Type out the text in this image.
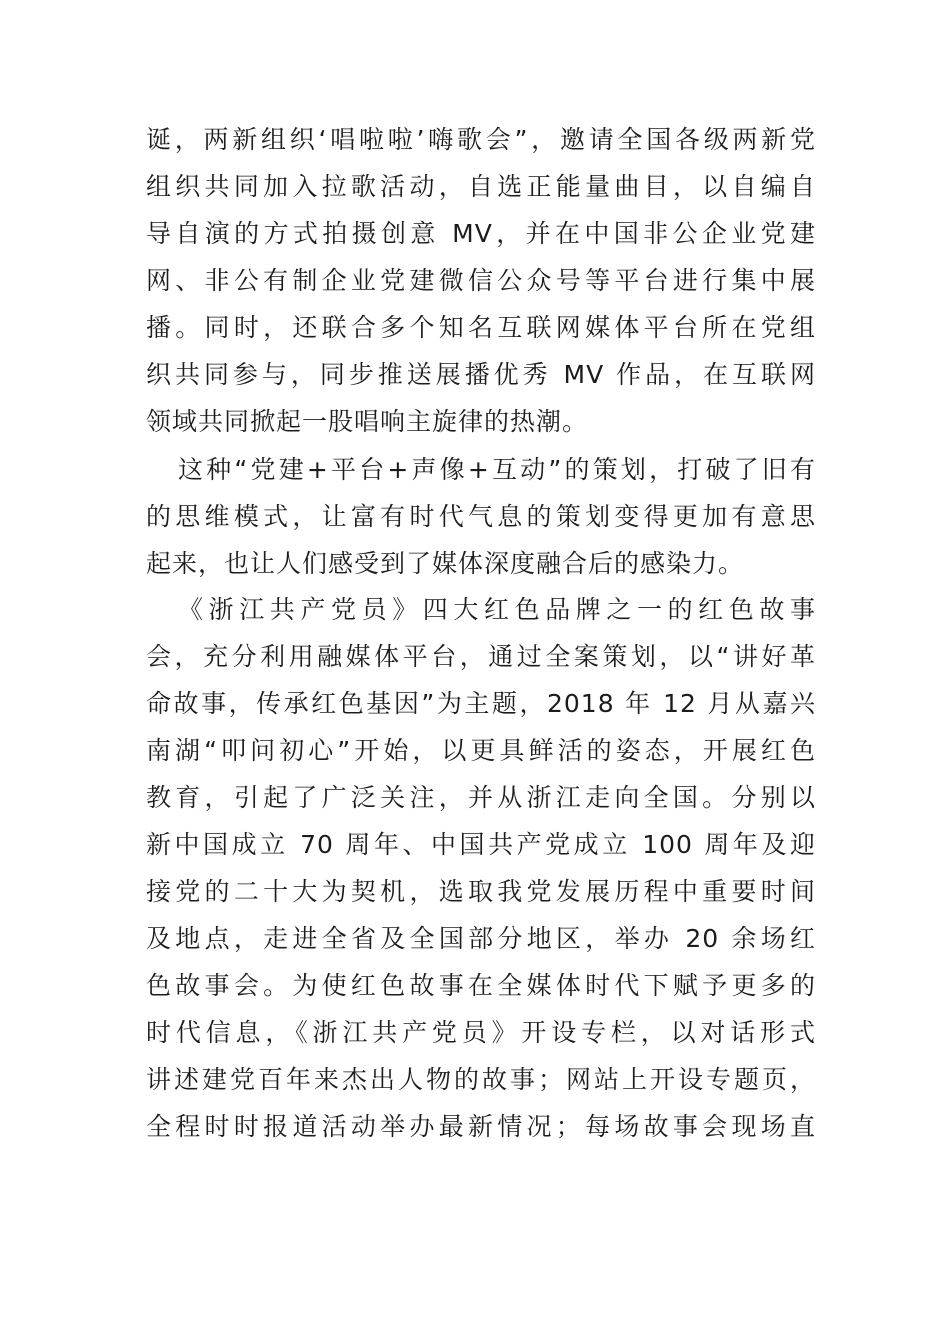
诞，两新组织‘唱啦啦’嗨歌会”，邀请全国各级两新党
组织共同加入拉歌活动，自选正能量曲目，以自编自
导自演的方式拍摄创意 MV，并在中国非公企业党建
网、非公有制企业党建微信公众号等平台进行集中展
播。同时，还联合多个知名互联网媒体平台所在党组
织共同参与，同步推送展播优秀 MV 作品，在互联网
领域共同掀起一股唱响主旋律的热潮。
这种“党建+平台+声像+互动”的策划，打破了旧有
的思维模式，让富有时代气息的策划变得更加有意思
起来，也让人们感受到了媒体深度融合后的感染力。
《浙江共产党员》四大红色品牌之一的红色故事
会，充分利用融媒体平台，通过全案策划，以“讲好革
命故事，传承红色基因”为主题，2018 年 12 月从嘉兴
南湖“叩问初心”开始，以更具鲜活的姿态，开展红色
教育，引起了广泛关注，并从浙江走向全国。分别以
新中国成立 70 周年、中国共产党成立 100 周年及迎
接党的二十大为契机，选取我党发展历程中重要时间
及地点，走进全省及全国部分地区，举办 20 余场红
色故事会。为使红色故事在全媒体时代下赋予更多的
时代信息，《浙江共产党员》开设专栏，以对话形式
讲述建党百年来杰出人物的故事；网站上开设专题页，
全程时时报道活动举办最新情况；每场故事会现场直
